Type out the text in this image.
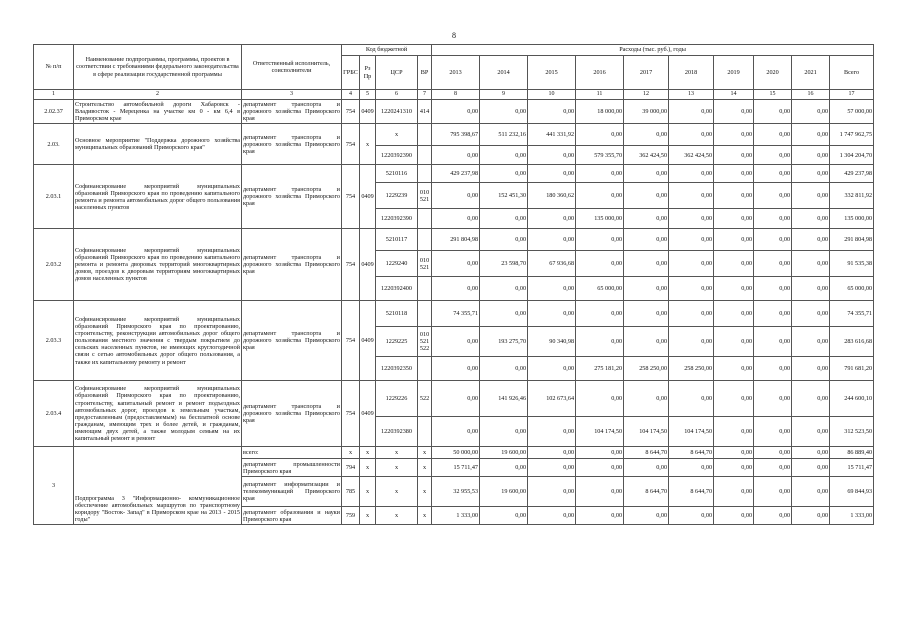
8
№ п/п	Наименование подпрограммы, программы, проектов в соответствии с требованиями федерального законодательства в сфере реализации государственной программы	Ответственный исполнитель, соисполнители	Код бюджетной				Расходы (тыс. руб.), годы									
			ГРБС	Рз Пр	ЦСР	ВР	2013	2014	2015	2016	2017	2018	2019	2020	2021	Всего
1	2	3	4	5	6	7	8	9	10	11	12	13	14	15	16	17
2.02.37	Строительство автомобильной дороги Хабаровск - Владивосток - Мереценка на участке км 0 - км 6,4 в Приморском крае	департамент транспорта и дорожного хозяйства Приморского края	754	0409	1220241310	414	0,00	0,00	0,00	18 000,00	39 000,00	0,00	0,00	0,00	0,00	57 000,00
2.03.	Основное мероприятие "Поддержка дорожного хозяйства муниципальных образований Приморского края"	департамент транспорта и дорожного хозяйства Приморского края	754	х	х		795 398,67	511 232,16	441 331,92	0,00	0,00	0,00	0,00	0,00	0,00	1 747 962,75
					1220392390		0,00	0,00	0,00	579 355,70	362 424,50	362 424,50	0,00	0,00	0,00	1 304 204,70
2.03.1	Софинансирование мероприятий муниципальных образований Приморского края по проведению капитального ремонта и ремонта автомобильных дорог общего пользования населенных пунктов	департамент транспорта и дорожного хозяйства Приморского края	754	0409	5210116		429 237,98	0,00	0,00	0,00	0,00	0,00	0,00	0,00	0,00	429 237,98
					1229239	010 521	0,00	152 451,30	180 360,62	0,00	0,00	0,00	0,00	0,00	0,00	332 811,92
					1220392390		0,00	0,00	0,00	135 000,00	0,00	0,00	0,00	0,00	0,00	135 000,00
2.03.2	Софинансирование мероприятий муниципальных образований Приморского края по проведению капитального ремонта и ремонта дворовых территорий многоквартирных домов, проездов к дворовым территориям многоквартирных домов населенных пунктов	департамент транспорта и дорожного хозяйства Приморского края	754	0409	5210117		291 804,98	0,00	0,00	0,00	0,00	0,00	0,00	0,00	0,00	291 804,98
					1229240	010 521	0,00	23 598,70	67 936,68	0,00	0,00	0,00	0,00	0,00	0,00	91 535,38
					1220392400		0,00	0,00	0,00	65 000,00	0,00	0,00	0,00	0,00	0,00	65 000,00
2.03.3	Софинансирование мероприятий муниципальных образований Приморского края по проектированию, строительству, реконструкции автомобильных дорог общего пользования местного значения с твердым покрытием до сельских населенных пунктов, не имеющих круглогодичной связи с сетью автомобильных дорог общего пользования, а также их капитальному ремонту и ремонт	департамент транспорта и дорожного хозяйства Приморского края	754	0409	5210118		74 355,71	0,00	0,00	0,00	0,00	0,00	0,00	0,00	0,00	74 355,71
					1229225	010 521 522	0,00	193 275,70	90 340,98	0,00	0,00	0,00	0,00	0,00	0,00	283 616,68
					1220392350		0,00	0,00	0,00	275 181,20	258 250,00	258 250,00	0,00	0,00	0,00	791 681,20
2.03.4	Софинансирование мероприятий муниципальных образований Приморского края по проектированию, строительству, капитальный ремонт и ремонт подъездных автомобильных дорог, проездов к земельным участкам, предоставленным (предоставляемым) на бесплатной основе гражданам, имеющим трех и более детей, и гражданам, имеющим двух детей, а также молодым семьям на их капитальный ремонт и ремонт	департамент транспорта и дорожного хозяйства Приморского края	754	0409	1229226	522	0,00	141 926,46	102 673,64	0,00	0,00	0,00	0,00	0,00	0,00	244 600,10
					1220392380		0,00	0,00	0,00	104 174,50	104 174,50	104 174,50	0,00	0,00	0,00	312 523,50
3	Подпрограмма 3 "Информационно- коммуникационное обеспечение автомобильных маршрутов по транспортному коридору "Восток- Запад" в Приморском крае на 2013 - 2015 годы"	всего:	х	х	х	х	50 000,00	19 600,00	0,00	0,00	8 644,70	8 644,70	0,00	0,00	0,00	86 889,40
		департамент промышленности Приморского края	794	х	х	х	15 711,47	0,00	0,00	0,00	0,00	0,00	0,00	0,00	0,00	15 711,47
		департамент информатизации и телекоммуникаций Приморского края	785	х	х	х	32 955,53	19 600,00	0,00	0,00	8 644,70	8 644,70	0,00	0,00	0,00	69 844,93
		департамент образования и науки Приморского края	759	х	х	х	1 333,00	0,00	0,00	0,00	0,00	0,00	0,00	0,00	0,00	1 333,00
